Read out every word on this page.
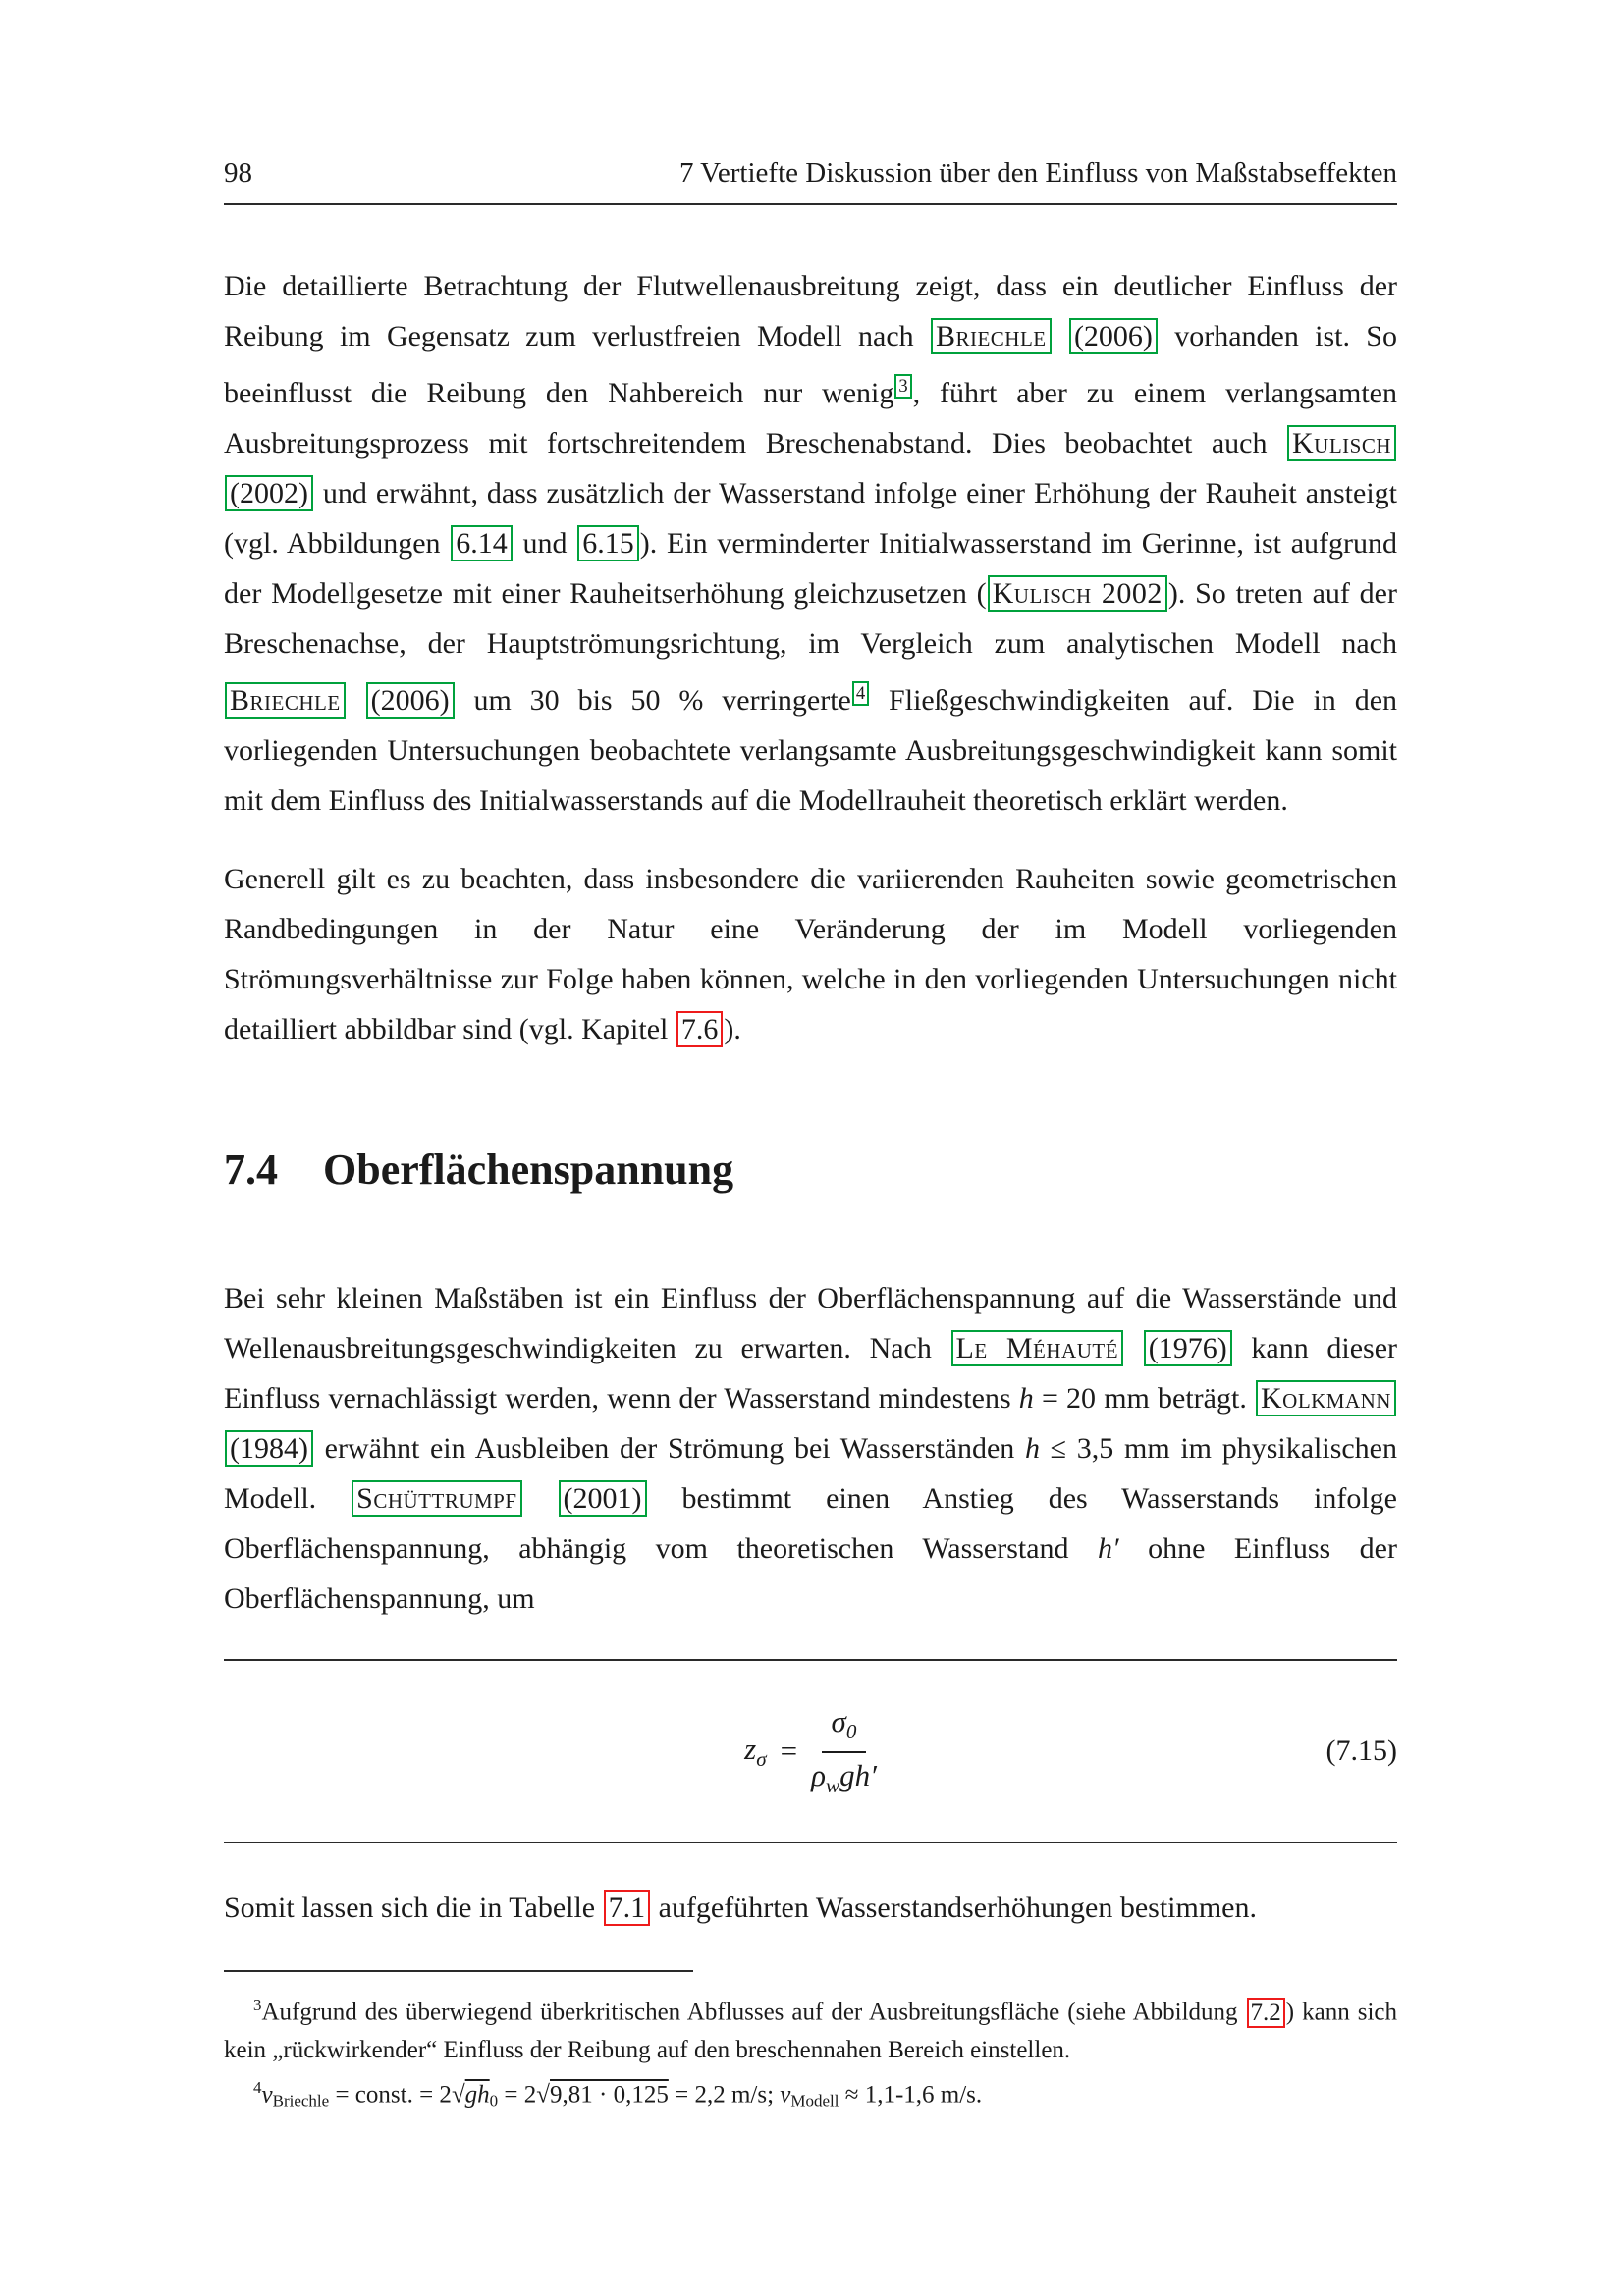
98	7 Vertiefte Diskussion über den Einfluss von Maßstabseffekten

Die detaillierte Betrachtung der Flutwellenausbreitung zeigt, dass ein deutlicher Einfluss der Reibung im Gegensatz zum verlustfreien Modell nach Briechle (2006) vorhanden ist. So beeinflusst die Reibung den Nahbereich nur wenig $^3$ , führt aber zu einem verlangsamten Ausbreitungsprozess mit fortschreitendem Breschenabstand. Dies beobachtet auch Kulisch (2002) und erwähnt, dass zusätzlich der Wasserstand infolge einer Erhöhung der Rauheit ansteigt (vgl. Abbildungen 6.14 und 6.15 ). Ein verminderter Initialwasserstand im Gerinne, ist aufgrund der Modellgesetze mit einer Rauheitserhöhung gleichzusetzen ( Kulisch 2002 ). So treten auf der Breschenachse, der Hauptströmungsrichtung, im Vergleich zum analytischen Modell nach Briechle (2006) um 30 bis 50 % verringerte $^4$ Fließgeschwindigkeiten auf. Die in den vorliegenden Untersuchungen beobachtete verlangsamte Ausbreitungsgeschwindigkeit kann somit mit dem Einfluss des Initialwasserstands auf die Modellrauheit theoretisch erklärt werden.

Generell gilt es zu beachten, dass insbesondere die variierenden Rauheiten sowie geometrischen Randbedingungen in der Natur eine Veränderung der im Modell vorliegenden Strömungsverhältnisse zur Folge haben können, welche in den vorliegenden Untersuchungen nicht detailliert abbildbar sind (vgl. Kapitel 7.6 ).

7.4 Oberflächenspannung

Bei sehr kleinen Maßstäben ist ein Einfluss der Oberflächenspannung auf die Wasserstände und Wellenausbreitungsgeschwindigkeiten zu erwarten. Nach Le Méhauté (1976) kann dieser Einfluss vernachlässigt werden, wenn der Wasserstand mindestens h = 20 mm beträgt. Kolkmann (1984) erwähnt ein Ausbleiben der Strömung bei Wasserständen h ≤ 3,5 mm im physikalischen Modell. Schüttrumpf (2001) bestimmt einen Anstieg des Wasserstands infolge Oberflächenspannung, abhängig vom theoretischen Wasserstand h′ ohne Einfluss der Oberflächenspannung, um

$z_\sigma = \frac{\sigma_0}{\rho_wgh'}$	(7.15)

Somit lassen sich die in Tabelle 7.1 aufgeführten Wasserstandserhöhungen bestimmen.

$^3$Aufgrund des überwiegend überkritischen Abflusses auf der Ausbreitungsfläche (siehe Abbildung 7.2 ) kann sich kein „rückwirkender“ Einfluss der Reibung auf den breschennahen Bereich einstellen.

$^4$vBriechle = const. = 2√gh0 = 2√9,81 · 0,125 = 2,2 m/s; vModell ≈ 1,1-1,6 m/s.
